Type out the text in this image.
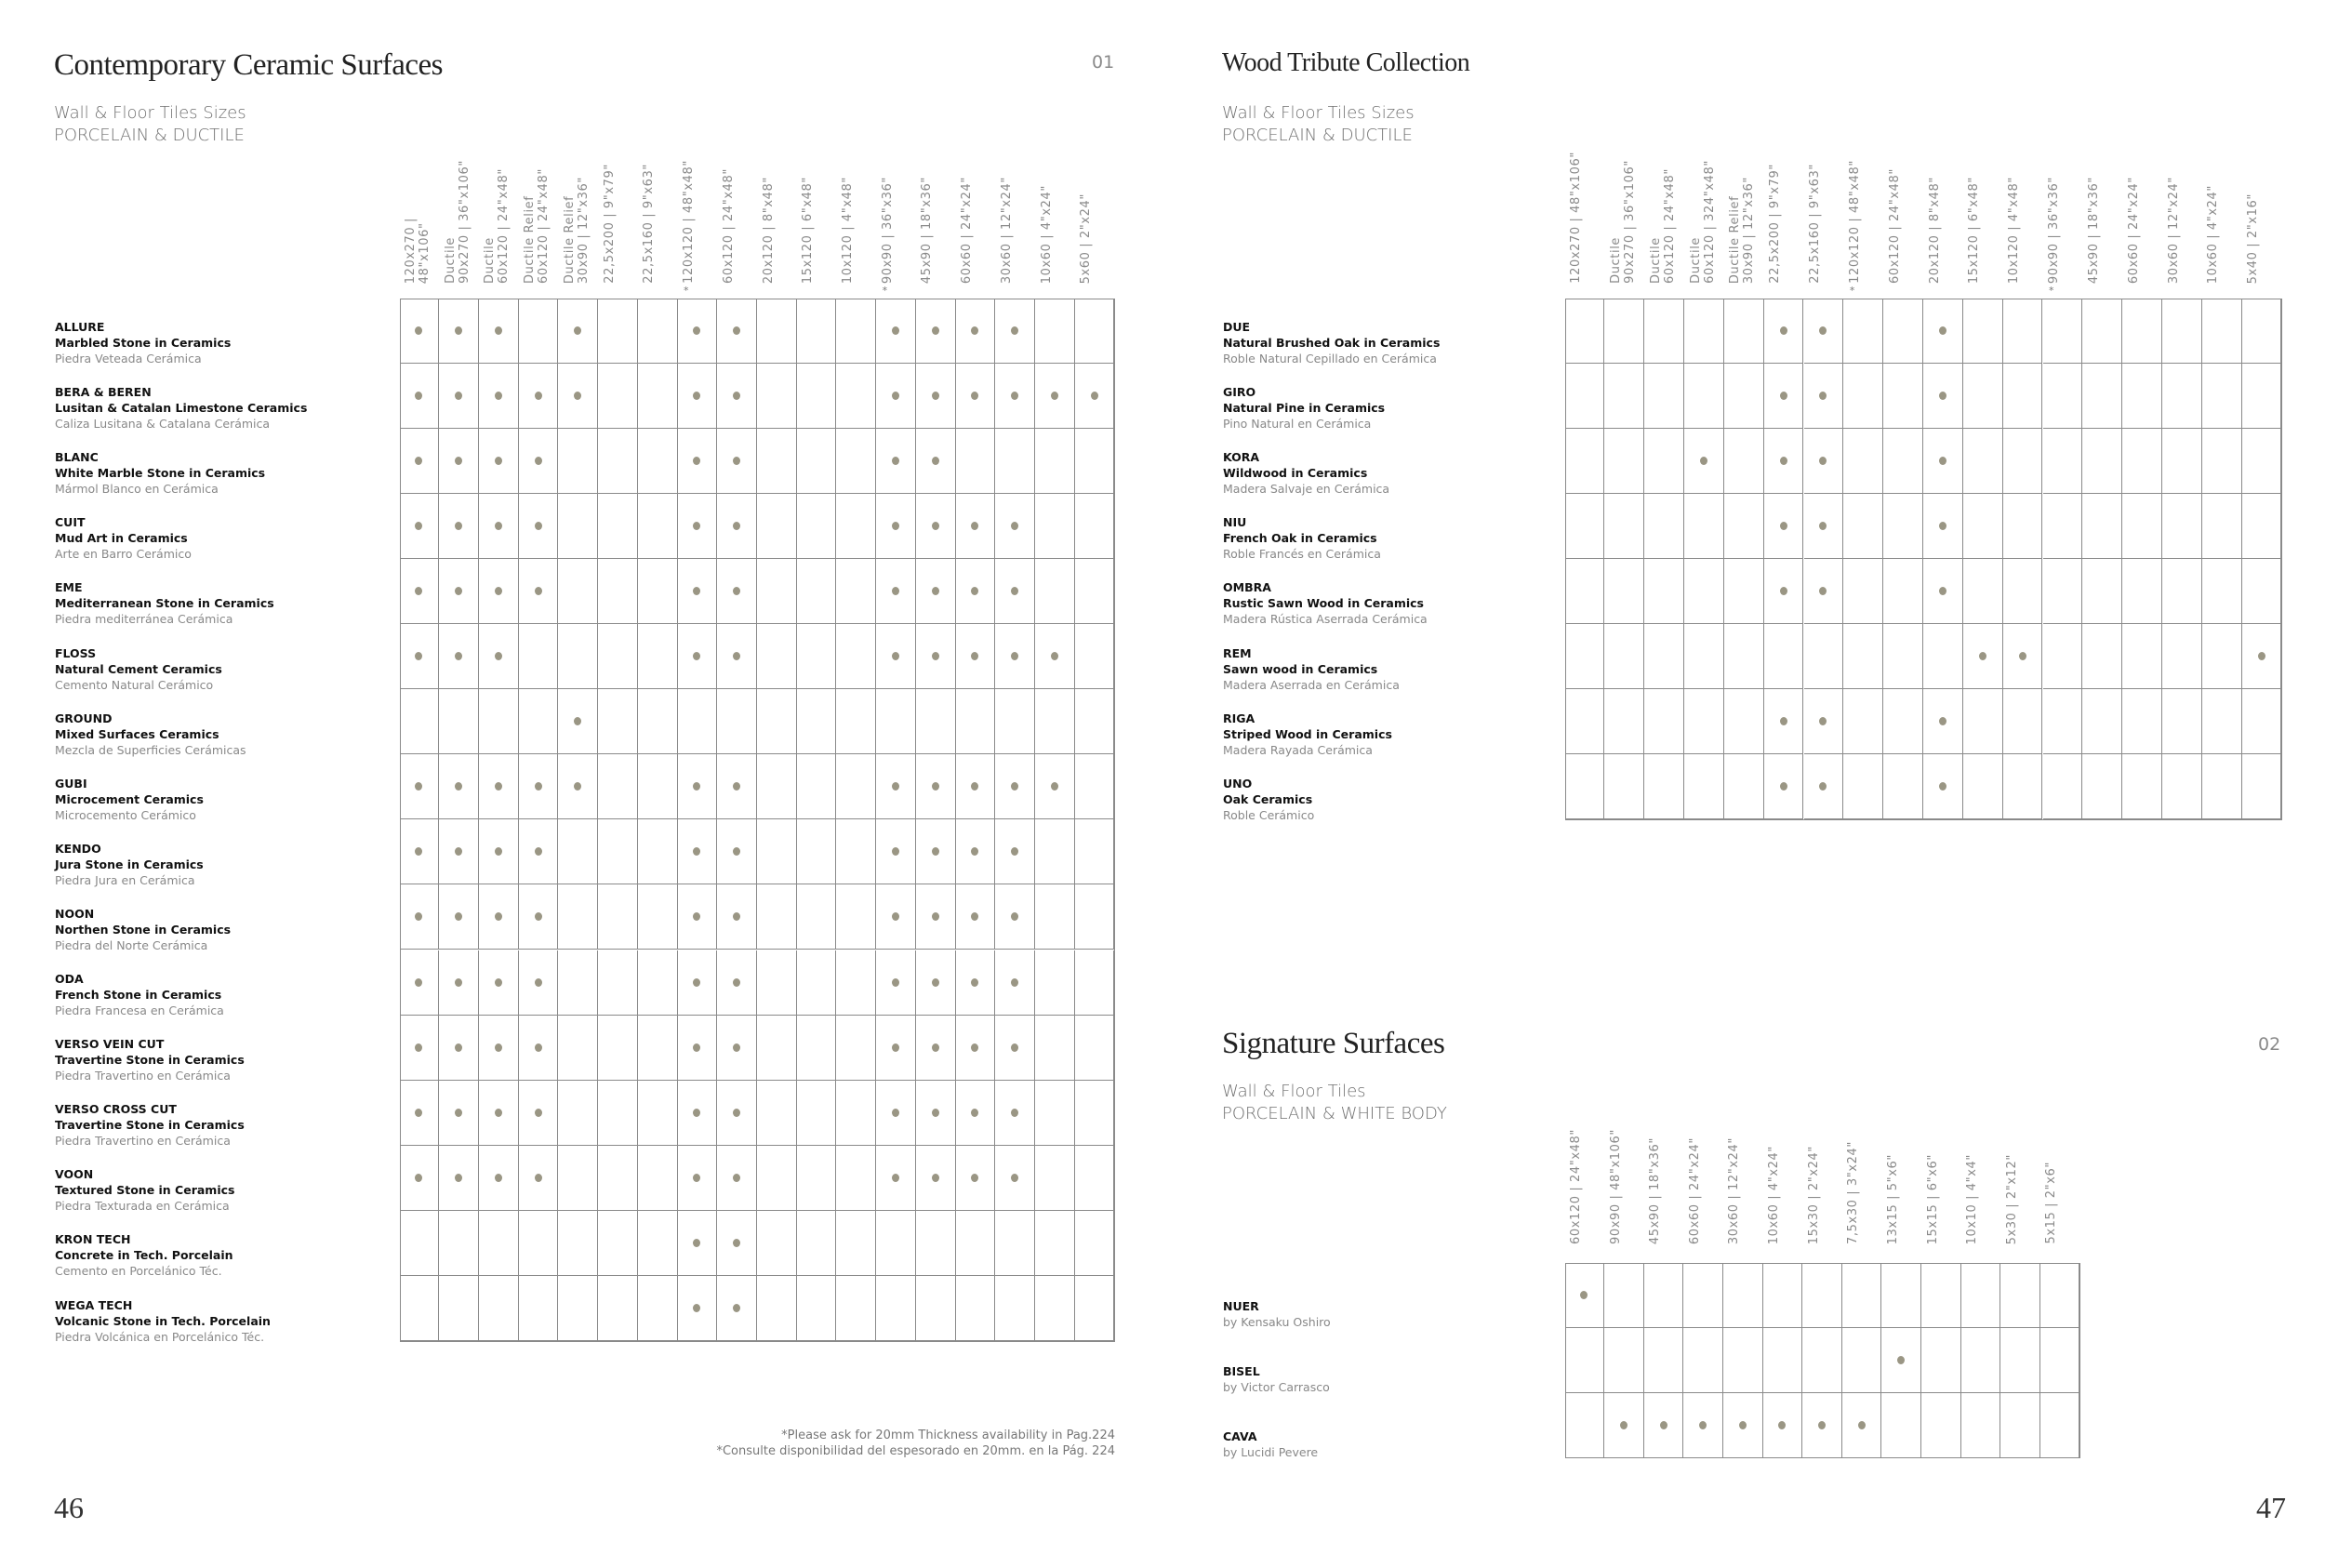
Contemporary Ceramic Surfaces	01
Wall & Floor Tiles Sizes
PORCELAIN & DUCTILE
120x270 |
48"x106" Ductile
90x270 | 36"x106"
Ductile
60x120 | 24"x48"
Ductile Relief
60x120 | 24"x48"
Ductile Relief
30x90 | 12"x36" 22,5x200 | 9"x79" 22,5x160 | 9"x63" 120x120 | 48"x48"
*
60x120 | 24"x48" 20x120 | 8"x48" 15x120 | 6"x48" 10x120 | 4"x48" 90x90 | 36"x36"
*
45x90 | 18"x36" 60x60 | 24"x24" 30x60 | 12"x24" 10x60 | 4"x24" 5x60 | 2"x24"
ALLURE
Marbled Stone in Ceramics
Piedra Veteada Cerámica
BERA & BEREN
Lusitan & Catalan Limestone Ceramics
Caliza Lusitana & Catalana Cerámica
BLANC
White Marble Stone in Ceramics
Mármol Blanco en Cerámica
CUIT
Mud Art in Ceramics
Arte en Barro Cerámico
EME
Mediterranean Stone in Ceramics
Piedra mediterránea Cerámica
FLOSS
Natural Cement Ceramics
Cemento Natural Cerámico
GROUND
Mixed Surfaces Ceramics
Mezcla de Superficies Cerámicas
GUBI
Microcement Ceramics
Microcemento Cerámico
KENDO
Jura Stone in Ceramics
Piedra Jura en Cerámica
NOON
Northen Stone in Ceramics
Piedra del Norte Cerámica
ODA
French Stone in Ceramics
Piedra Francesa en Cerámica
VERSO VEIN CUT
Travertine Stone in Ceramics
Piedra Travertino en Cerámica
VERSO CROSS CUT
Travertine Stone in Ceramics
Piedra Travertino en Cerámica
VOON
Textured Stone in Ceramics
Piedra Texturada en Cerámica
KRON TECH
Concrete in Tech. Porcelain
Cemento en Porcelánico Téc.
WEGA TECH
Volcanic Stone in Tech. Porcelain
Piedra Volcánica en Porcelánico Téc.
*Please ask for 20mm Thickness availability in Pag.224
*Consulte disponibilidad del espesorado en 20mm. en la Pág. 224
46
Wood Tribute Collection
Wall & Floor Tiles Sizes
PORCELAIN & DUCTILE
120x270 | 48"x106" Ductile
90x270 | 36"x106"
Ductile
60x120 | 24"x48"
Ductile
60x120 | 324"x48"
Ductile Relief
30x90 | 12"x36" 22,5x200 | 9"x79" 22,5x160 | 9"x63" 120x120 | 48"x48"
*
60x120 | 24"x48" 20x120 | 8"x48" 15x120 | 6"x48" 10x120 | 4"x48" 90x90 | 36"x36"
*
45x90 | 18"x36" 60x60 | 24"x24" 30x60 | 12"x24" 10x60 | 4"x24" 5x40 | 2"x16"
DUE
Natural Brushed Oak in Ceramics
Roble Natural Cepillado en Cerámica
GIRO
Natural Pine in Ceramics
Pino Natural en Cerámica
KORA
Wildwood in Ceramics
Madera Salvaje en Cerámica
NIU
French Oak in Ceramics
Roble Francés en Cerámica
OMBRA
Rustic Sawn Wood in Ceramics
Madera Rústica Aserrada Cerámica
REM
Sawn wood in Ceramics
Madera Aserrada en Cerámica
RIGA
Striped Wood in Ceramics
Madera Rayada Cerámica
UNO
Oak Ceramics
Roble Cerámico
Signature Surfaces	02
Wall & Floor Tiles
PORCELAIN & WHITE BODY
60x120 | 24"x48" 90x90 | 48"x106" 45x90 | 18"x36" 60x60 | 24"x24" 30x60 | 12"x24" 10x60 | 4"x24" 15x30 | 2"x24" 7,5x30 | 3"x24" 13x15 | 5"x6" 15x15 | 6"x6" 10x10 | 4"x4" 5x30 | 2"x12" 5x15 | 2"x6"
NUER
by Kensaku Oshiro
BISEL
by Victor Carrasco
CAVA
by Lucidi Pevere
47
